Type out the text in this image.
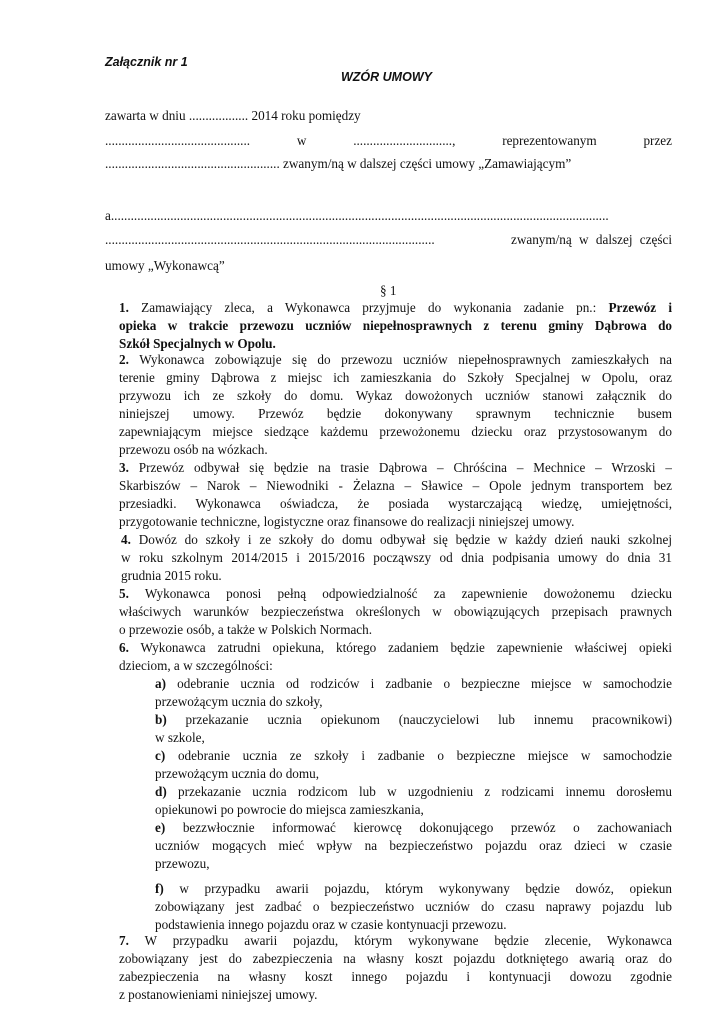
Załącznik nr 1
WZÓR UMOWY
zawarta w dniu .................. 2014 roku pomiędzy
............................................	w	..............................,	reprezentowanym	przez
..................................................... zwanym/ną w dalszej części umowy „Zamawiającym”
a.......................................................................................................................................................
....................................................................................................	zwanym/ną w dalszej części
umowy „Wykonawcą”
§ 1
1. Zamawiający zleca, a Wykonawca przyjmuje do wykonania zadanie pn.: Przewóz i
opieka w trakcie przewozu uczniów niepełnosprawnych z terenu gminy Dąbrowa do
Szkół Specjalnych w Opolu.
2. Wykonawca zobowiązuje się do przewozu uczniów niepełnosprawnych zamieszkałych na
terenie gminy Dąbrowa z miejsc ich zamieszkania do Szkoły Specjalnej w Opolu, oraz
przywozu ich ze szkoły do domu. Wykaz dowożonych uczniów stanowi załącznik do
niniejszej umowy. Przewóz będzie dokonywany sprawnym technicznie busem
zapewniającym miejsce siedzące każdemu przewożonemu dziecku oraz przystosowanym do
przewozu osób na wózkach.
3. Przewóz odbywał się będzie na trasie Dąbrowa – Chróścina – Mechnice – Wrzoski –
Skarbiszów – Narok – Niewodniki - Żelazna – Sławice – Opole jednym transportem bez
przesiadki. Wykonawca oświadcza, że posiada wystarczającą wiedzę, umiejętności,
przygotowanie techniczne, logistyczne oraz finansowe do realizacji niniejszej umowy.
4. Dowóz do szkoły i ze szkoły do domu odbywał się będzie w każdy dzień nauki szkolnej
w roku szkolnym 2014/2015 i 2015/2016 począwszy od dnia podpisania umowy do dnia 31
grudnia 2015 roku.
5. Wykonawca ponosi pełną odpowiedzialność za zapewnienie dowożonemu dziecku
właściwych warunków bezpieczeństwa określonych w obowiązujących przepisach prawnych
o przewozie osób, a także w Polskich Normach.
6. Wykonawca zatrudni opiekuna, którego zadaniem będzie zapewnienie właściwej opieki
dzieciom, a w szczególności:
a) odebranie ucznia od rodziców i zadbanie o bezpieczne miejsce w samochodzie
przewożącym ucznia do szkoły,
b) przekazanie ucznia opiekunom (nauczycielowi lub innemu pracownikowi)
w szkole,
c) odebranie ucznia ze szkoły i zadbanie o bezpieczne miejsce w samochodzie
przewożącym ucznia do domu,
d) przekazanie ucznia rodzicom lub w uzgodnieniu z rodzicami innemu dorosłemu
opiekunowi po powrocie do miejsca zamieszkania,
e) bezzwłocznie informować kierowcę dokonującego przewóz o zachowaniach
uczniów mogących mieć wpływ na bezpieczeństwo pojazdu oraz dzieci w czasie
przewozu,
f) w przypadku awarii pojazdu, którym wykonywany będzie dowóz, opiekun
zobowiązany jest zadbać o bezpieczeństwo uczniów do czasu naprawy pojazdu lub
podstawienia innego pojazdu oraz w czasie kontynuacji przewozu.
7. W przypadku awarii pojazdu, którym wykonywane będzie zlecenie, Wykonawca
zobowiązany jest do zabezpieczenia na własny koszt pojazdu dotkniętego awarią oraz do
zabezpieczenia na własny koszt innego pojazdu i kontynuacji dowozu zgodnie
z postanowieniami niniejszej umowy.
